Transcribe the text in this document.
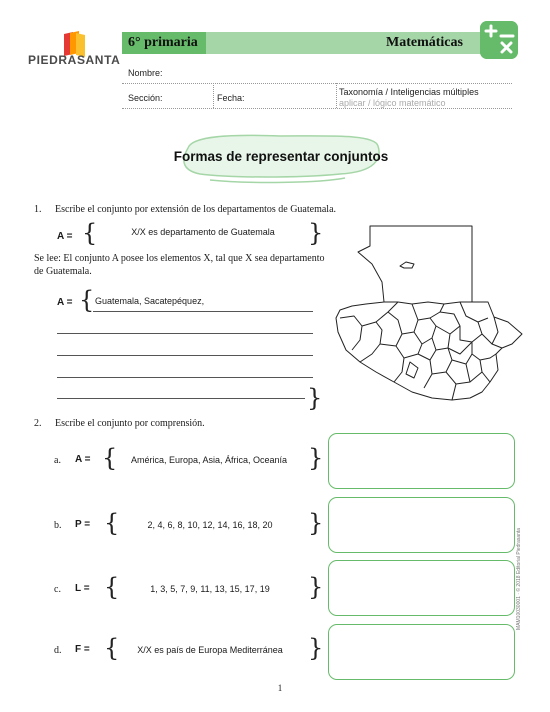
PIEDRASANTA
6° primaria	Matemáticas
Nombre:
Sección:	Fecha:
Taxonomía / Inteligencias múltiples
aplicar / lógico matemático
Formas de representar conjuntos
1. Escribe el conjunto por extensión de los departamentos de Guatemala.
A = {	X/X es departamento de Guatemala	}
Se lee: El conjunto A posee los elementos X, tal que X sea departamento de Guatemala.
A = { Guatemala, Sacatepéquez,
}
2. Escribe el conjunto por comprensión.
a. A = {	América, Europa, Asia, África, Oceanía }
b. P = {	2, 4, 6, 8, 10, 12, 14, 16, 18, 20	}
c. L = {	1, 3, 5, 7, 9, 11, 13, 15, 17, 19	}
d. F = {	X/X es país de Europa Mediterránea	}
MAM10030001 · © 2018 Editorial Piedrasanta
1
